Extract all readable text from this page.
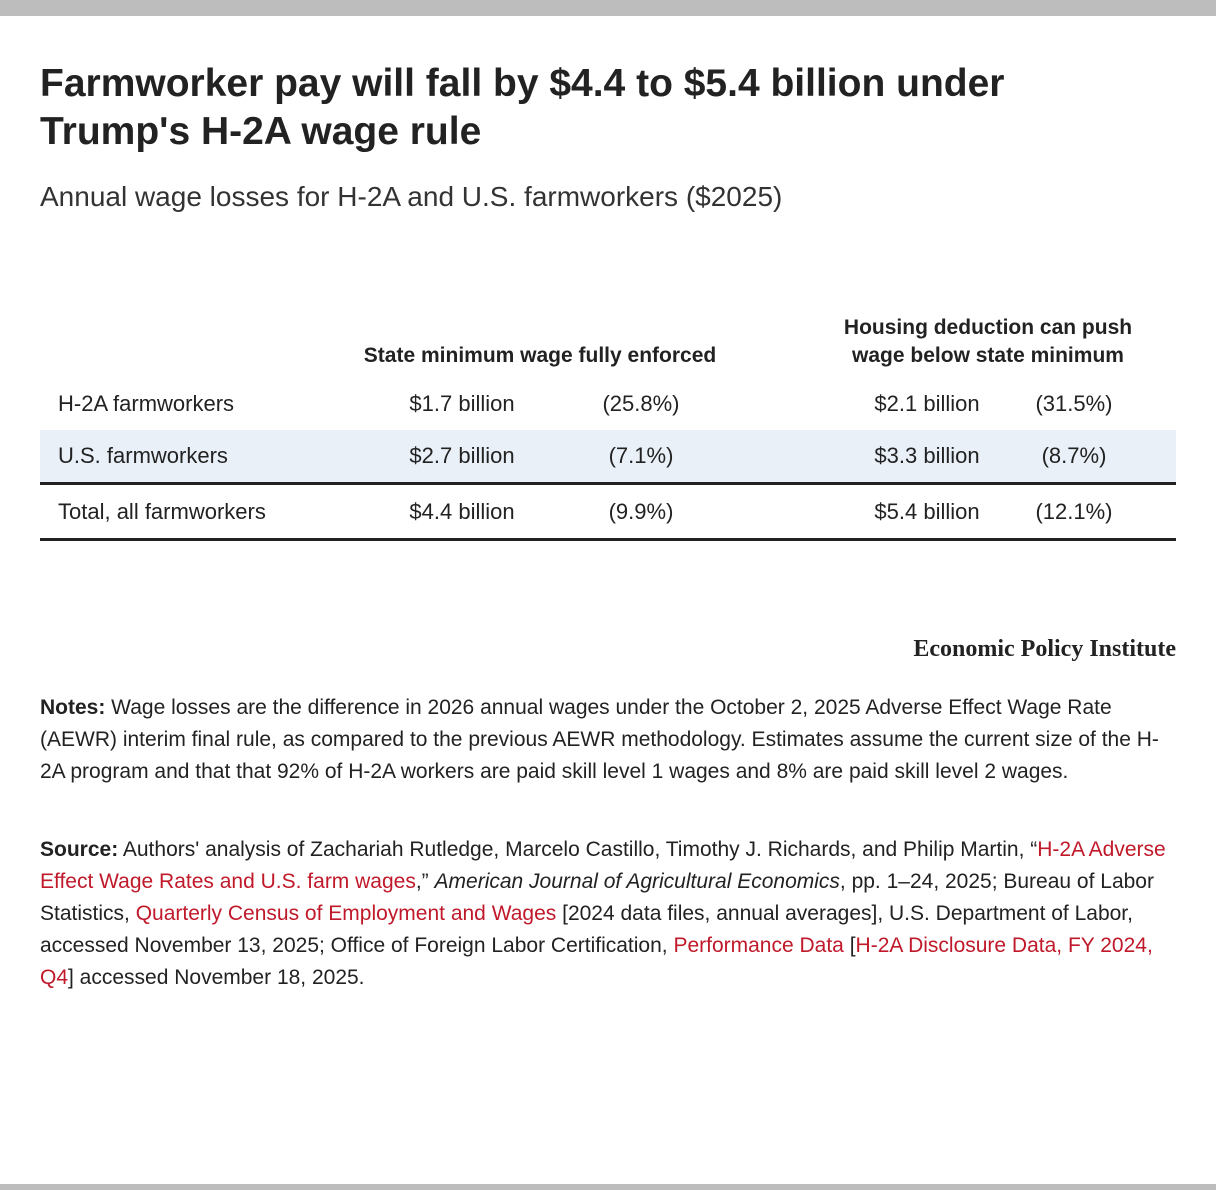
Farmworker pay will fall by $4.4 to $5.4 billion under Trump's H-2A wage rule
Annual wage losses for H-2A and U.S. farmworkers ($2025)
State minimum wage fully enforced
Housing deduction can push
wage below state minimum
H-2A farmworkers	$1.7 billion	(25.8%)	$2.1 billion	(31.5%)
U.S. farmworkers	$2.7 billion	(7.1%)	$3.3 billion	(8.7%)
Total, all farmworkers	$4.4 billion	(9.9%)	$5.4 billion	(12.1%)
Economic Policy Institute
Notes: Wage losses are the difference in 2026 annual wages under the October 2, 2025 Adverse Effect Wage Rate (AEWR) interim final rule, as compared to the previous AEWR methodology. Estimates assume the current size of the H-2A program and that that 92% of H-2A workers are paid skill level 1 wages and 8% are paid skill level 2 wages.
Source: Authors' analysis of Zachariah Rutledge, Marcelo Castillo, Timothy J. Richards, and Philip Martin, “H-2A Adverse Effect Wage Rates and U.S. farm wages,” American Journal of Agricultural Economics, pp. 1–24, 2025; Bureau of Labor Statistics, Quarterly Census of Employment and Wages [2024 data files, annual averages], U.S. Department of Labor, accessed November 13, 2025; Office of Foreign Labor Certification, Performance Data [H-2A Disclosure Data, FY 2024, Q4] accessed November 18, 2025.
